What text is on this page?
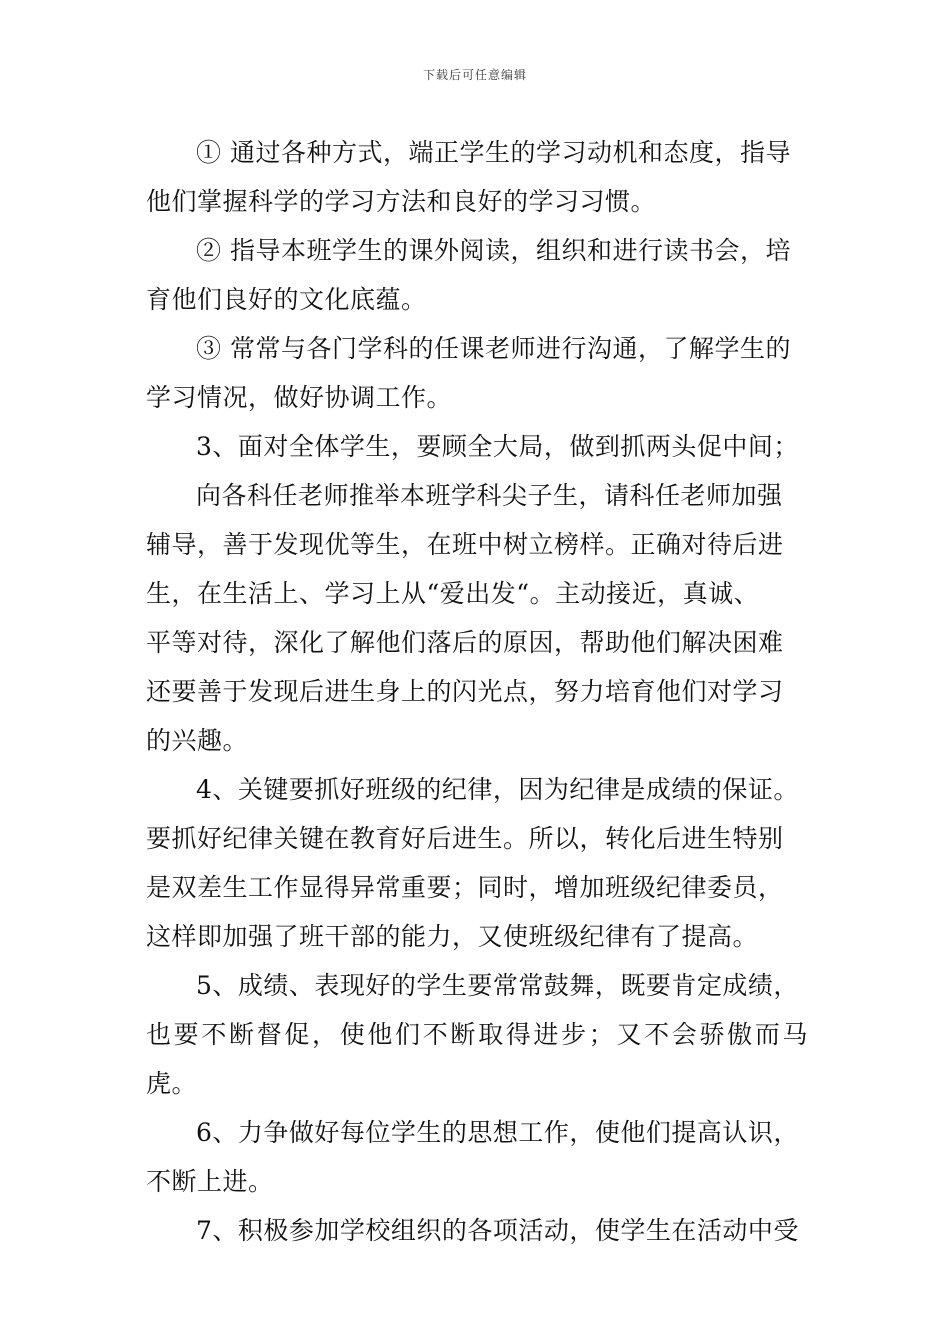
下载后可任意编辑

① 通过各种方式，端正学生的学习动机和态度，指导
他们掌握科学的学习方法和良好的学习习惯。

② 指导本班学生的课外阅读，组织和进行读书会，培
育他们良好的文化底蕴。

③ 常常与各门学科的任课老师进行沟通，了解学生的
学习情况，做好协调工作。

3、面对全体学生，要顾全大局，做到抓两头促中间；

向各科任老师推举本班学科尖子生，请科任老师加强
辅导，善于发现优等生，在班中树立榜样。正确对待后进
生，在生活上、学习上从“爱出发“。主动接近，真诚、
平等对待，深化了解他们落后的原因，帮助他们解决困难
还要善于发现后进生身上的闪光点，努力培育他们对学习
的兴趣。

4、关键要抓好班级的纪律，因为纪律是成绩的保证。
要抓好纪律关键在教育好后进生。所以，转化后进生特别
是双差生工作显得异常重要；同时，增加班级纪律委员，
这样即加强了班干部的能力，又使班级纪律有了提高。

5、成绩、表现好的学生要常常鼓舞，既要肯定成绩，
也要不断督促，使他们不断取得进步；又不会骄傲而马虎。

6、力争做好每位学生的思想工作，使他们提高认识，
不断上进。

7、积极参加学校组织的各项活动，使学生在活动中受
